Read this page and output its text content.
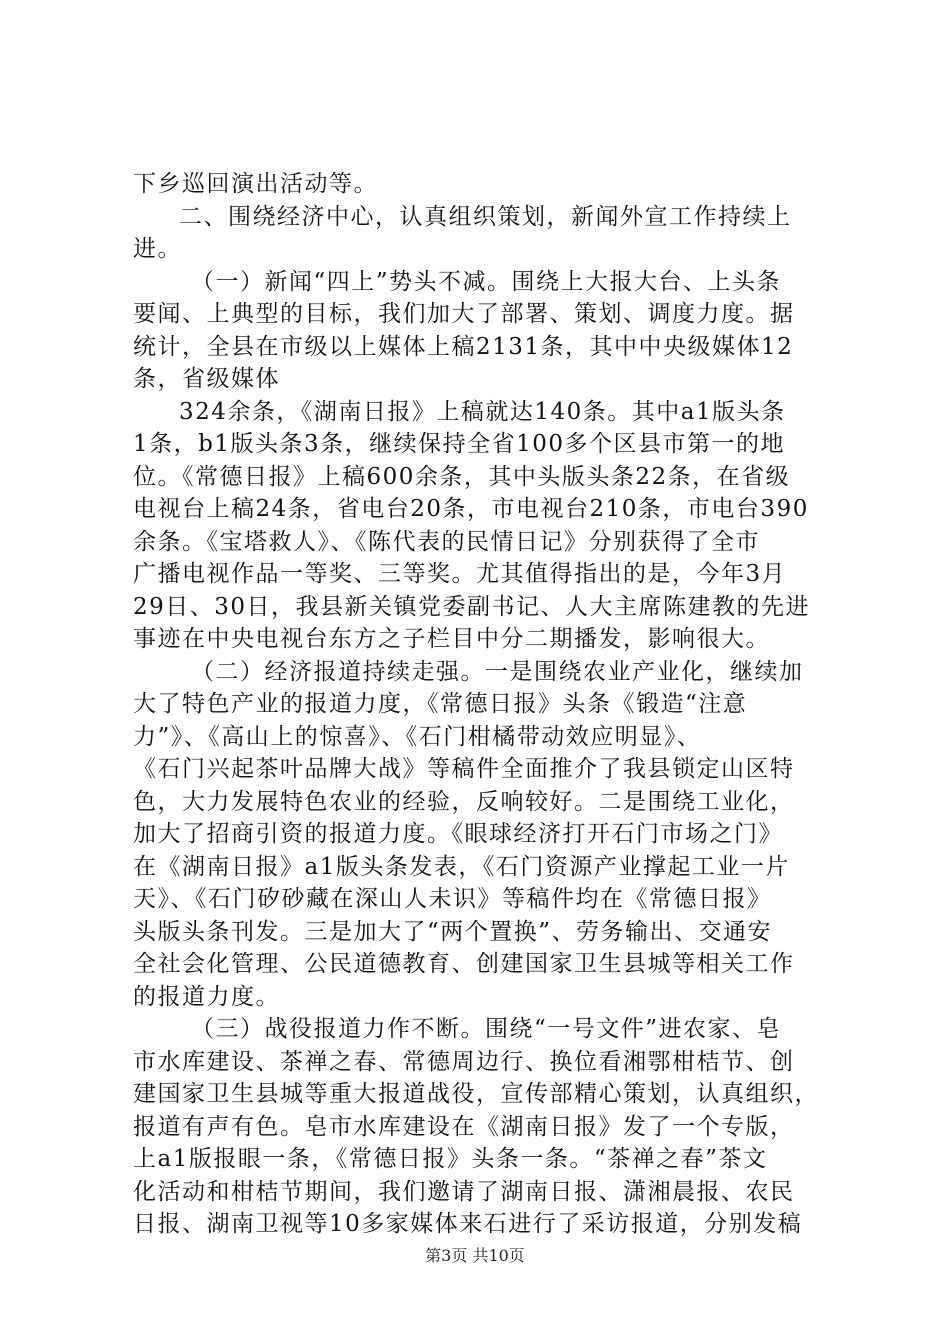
下乡巡回演出活动等。
二、围绕经济中心，认真组织策划，新闻外宣工作持续上
进。
（一）新闻“四上”势头不减。围绕上大报大台、上头条
要闻、上典型的目标，我们加大了部署、策划、调度力度。据
统计，全县在市级以上媒体上稿2131条，其中中央级媒体12
条，省级媒体
324余条，《湖南日报》上稿就达140条。其中a1版头条
1条，b1版头条3条，继续保持全省100多个区县市第一的地
位。《常德日报》上稿600余条，其中头版头条22条，在省级
电视台上稿24条，省电台20条，市电视台210条，市电台390
余条。《宝塔救人》、《陈代表的民情日记》分别获得了全市
广播电视作品一等奖、三等奖。尤其值得指出的是，今年3月
29日、30日，我县新关镇党委副书记、人大主席陈建教的先进
事迹在中央电视台东方之子栏目中分二期播发，影响很大。
（二）经济报道持续走强。一是围绕农业产业化，继续加
大了特色产业的报道力度，《常德日报》头条《锻造“注意
力”》、《高山上的惊喜》、《石门柑橘带动效应明显》、
《石门兴起茶叶品牌大战》等稿件全面推介了我县锁定山区特
色，大力发展特色农业的经验，反响较好。二是围绕工业化，
加大了招商引资的报道力度。《眼球经济打开石门市场之门》
在《湖南日报》a1版头条发表，《石门资源产业撑起工业一片
天》、《石门矽砂藏在深山人未识》等稿件均在《常德日报》
头版头条刊发。三是加大了“两个置换”、劳务输出、交通安
全社会化管理、公民道德教育、创建国家卫生县城等相关工作
的报道力度。
（三）战役报道力作不断。围绕“一号文件”进农家、皂
市水库建设、茶禅之春、常德周边行、换位看湘鄂柑桔节、创
建国家卫生县城等重大报道战役，宣传部精心策划，认真组织，
报道有声有色。皂市水库建设在《湖南日报》发了一个专版，
上a1版报眼一条，《常德日报》头条一条。“茶禅之春”茶文
化活动和柑桔节期间，我们邀请了湖南日报、潇湘晨报、农民
日报、湖南卫视等10多家媒体来石进行了采访报道，分别发稿
第3页 共10页
